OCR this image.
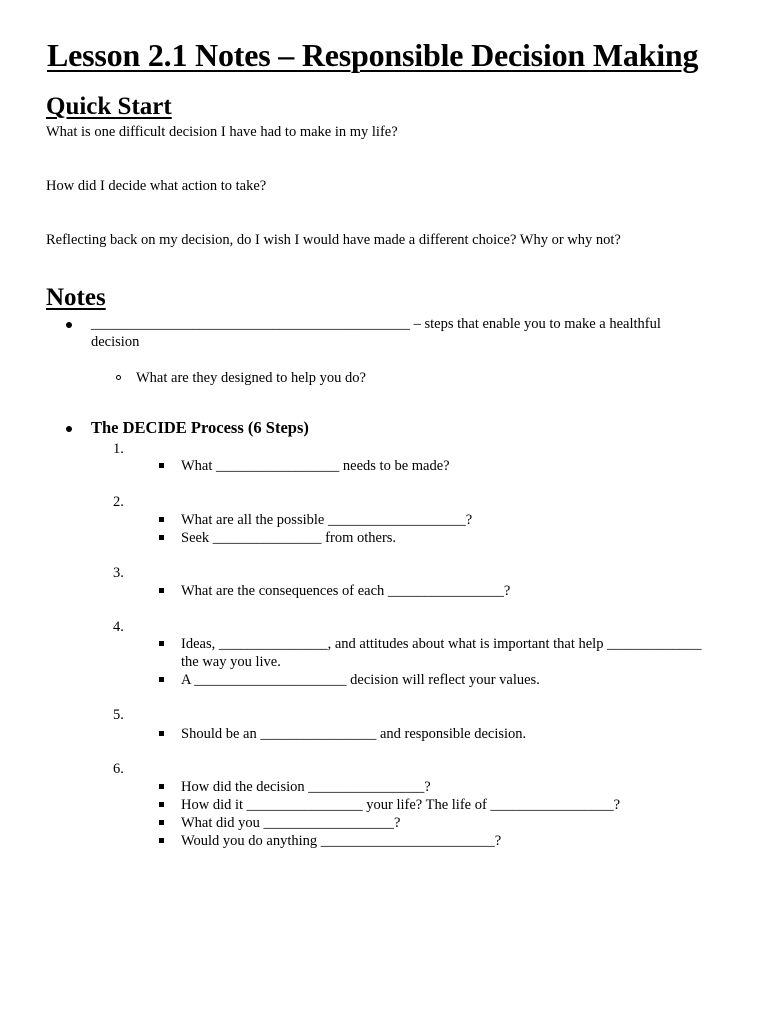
Lesson 2.1 Notes – Responsible Decision Making
Quick Start
What is one difficult decision I have had to make in my life?
How did I decide what action to take?
Reflecting back on my decision, do I wish I would have made a different choice? Why or why not?
Notes
____________________________________________ – steps that enable you to make a healthful
decision
What are they designed to help you do?
The DECIDE Process (6 Steps)
1.
What _________________ needs to be made?
2.
What are all the possible ___________________?
Seek _______________ from others.
3.
What are the consequences of each ________________?
4.
Ideas, _______________, and attitudes about what is important that help _____________
the way you live.
A _____________________ decision will reflect your values.
5.
Should be an ________________ and responsible decision.
6.
How did the decision ________________?
How did it ________________ your life? The life of _________________?
What did you __________________?
Would you do anything ________________________?
